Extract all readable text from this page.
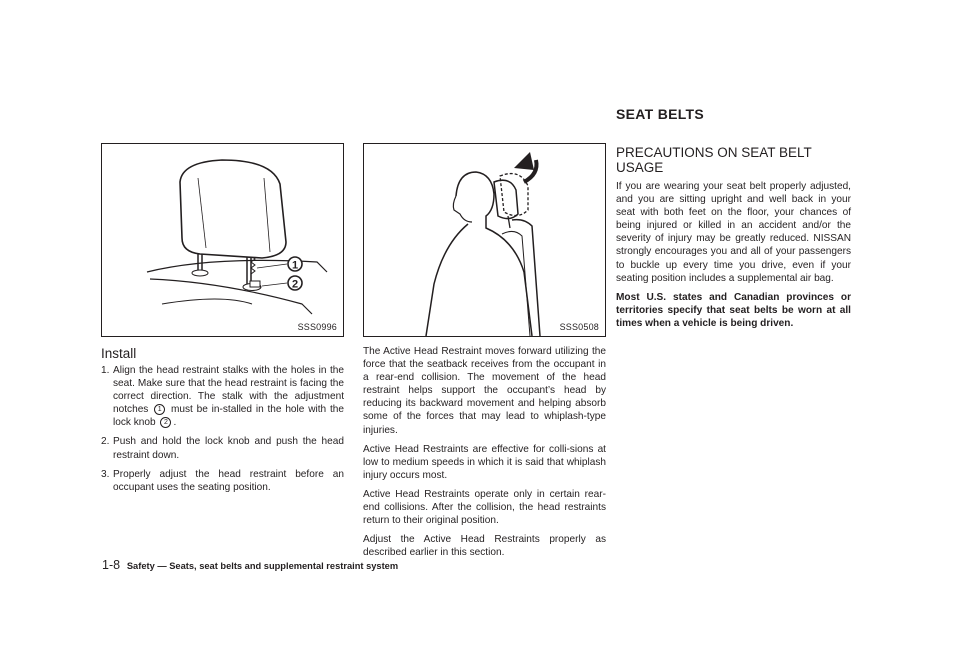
1
2
SSS0996	SSS0508
Install
1. Align the head restraint stalks with the holes in the seat. Make sure that the head restraint is facing the correct direction. The stalk with the adjustment notches 1 must be in-stalled in the hole with the lock knob 2 .
2. Push and hold the lock knob and push the head restraint down.
3. Properly adjust the head restraint before an occupant uses the seating position.

The Active Head Restraint moves forward utilizing the force that the seatback receives from the occupant in a rear-end collision. The movement of the head restraint helps support the occupant’s head by reducing its backward movement and helping absorb some of the forces that may lead to whiplash-type injuries.

Active Head Restraints are effective for colli-sions at low to medium speeds in which it is said that whiplash injury occurs most.

Active Head Restraints operate only in certain rear-end collisions. After the collision, the head restraints return to their original position.

Adjust the Active Head Restraints properly as described earlier in this section.

SEAT BELTS
PRECAUTIONS ON SEAT BELT
USAGE

If you are wearing your seat belt properly adjusted, and you are sitting upright and well back in your seat with both feet on the floor, your chances of being injured or killed in an accident and/or the severity of injury may be greatly reduced. NISSAN strongly encourages you and all of your passengers to buckle up every time you drive, even if your seating position includes a supplemental air bag.

Most U.S. states and Canadian provinces or territories specify that seat belts be worn at all times when a vehicle is being driven.

1-8 Safety — Seats, seat belts and supplemental restraint system
